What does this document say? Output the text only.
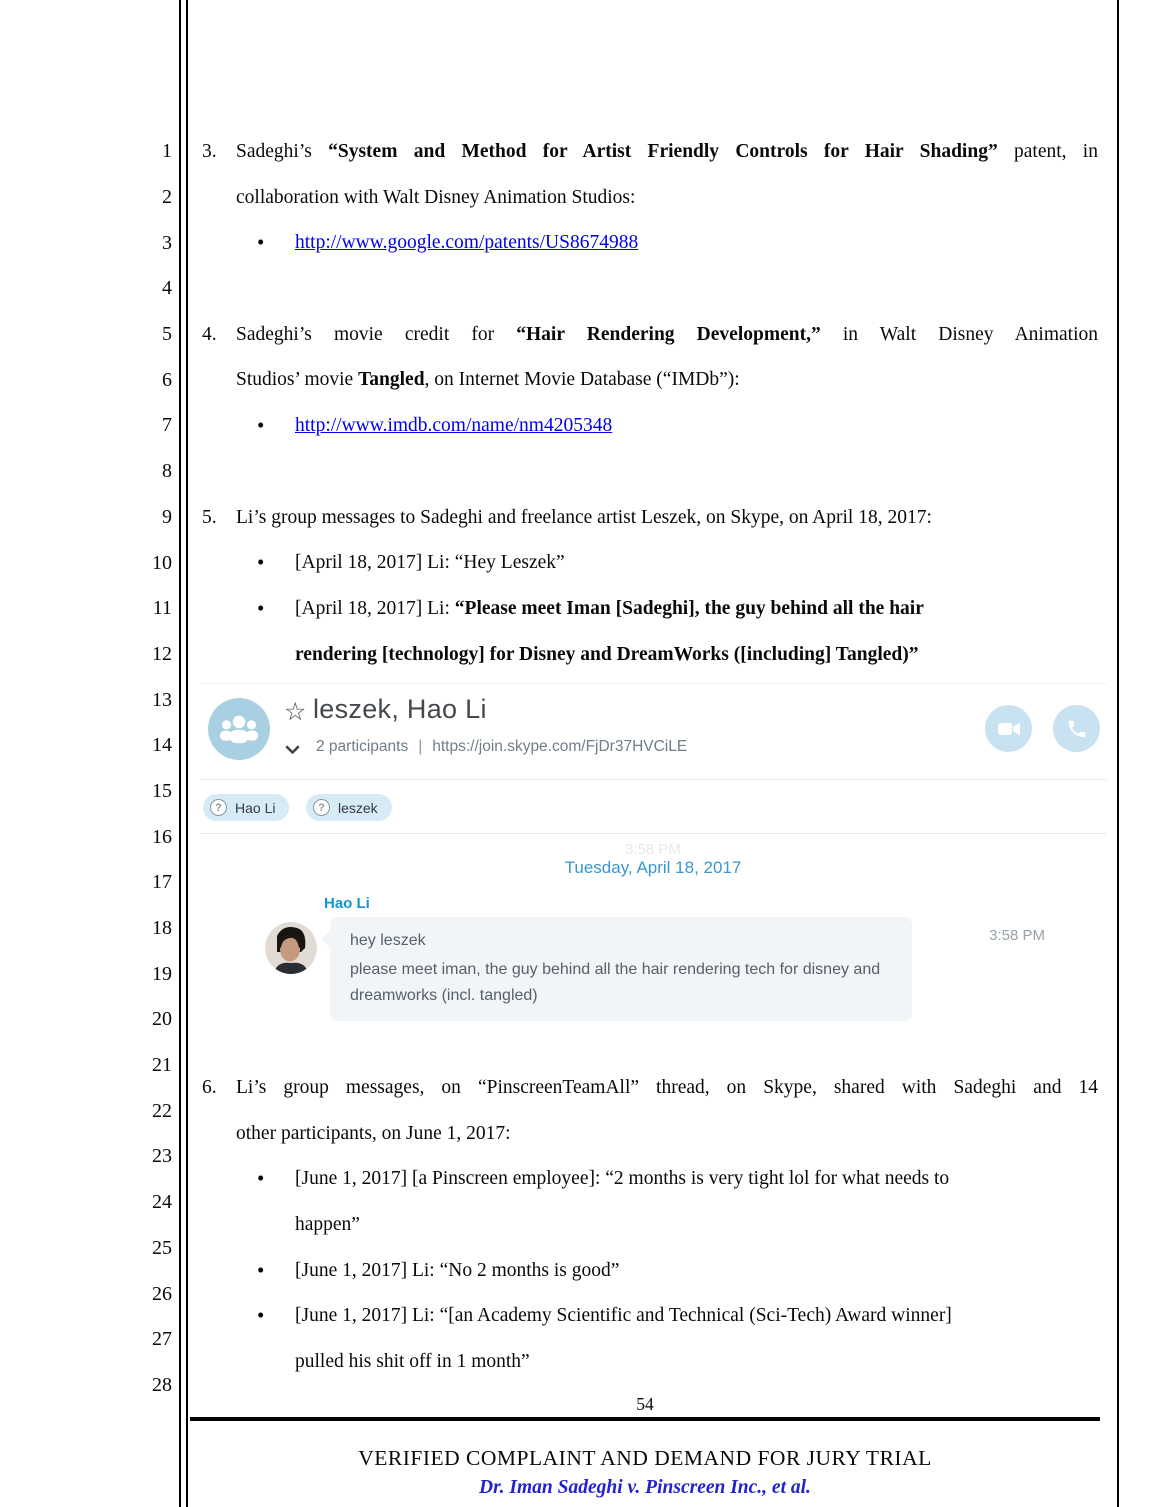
1
2
3
4
5
6
7
8
9
10
11
12
13
14
15
16
17
18
19
20
21
22
23
24
25
26
27
28
3. Sadeghi’s “System and Method for Artist Friendly Controls for Hair Shading” patent, in
collaboration with Walt Disney Animation Studios:
• http://www.google.com/patents/US8674988
4. Sadeghi’s movie credit for “Hair Rendering Development,” in Walt Disney Animation
Studios’ movie Tangled, on Internet Movie Database (“IMDb”):
• http://www.imdb.com/name/nm4205348
5. Li’s group messages to Sadeghi and freelance artist Leszek, on Skype, on April 18, 2017:
• [April 18, 2017] Li: “Hey Leszek”
• [April 18, 2017] Li: “Please meet Iman [Sadeghi], the guy behind all the hair
rendering [technology] for Disney and DreamWorks ([including] Tangled)”
☆ leszek, Hao Li
2 participants | https://join.skype.com/FjDr37HVCiLE
? Hao Li	? leszek
3:58 PM
Tuesday, April 18, 2017
Hao Li

hey leszek

please meet iman, the guy behind all the hair rendering tech for disney and dreamworks (incl. tangled)

3:58 PM
6. Li’s group messages, on “PinscreenTeamAll” thread, on Skype, shared with Sadeghi and 14
other participants, on June 1, 2017:
• [June 1, 2017] [a Pinscreen employee]: “2 months is very tight lol for what needs to
happen”
• [June 1, 2017] Li: “No 2 months is good”
• [June 1, 2017] Li: “[an Academy Scientific and Technical (Sci-Tech) Award winner]
pulled his shit off in 1 month”
54
VERIFIED COMPLAINT AND DEMAND FOR JURY TRIAL
Dr. Iman Sadeghi v. Pinscreen Inc., et al.
